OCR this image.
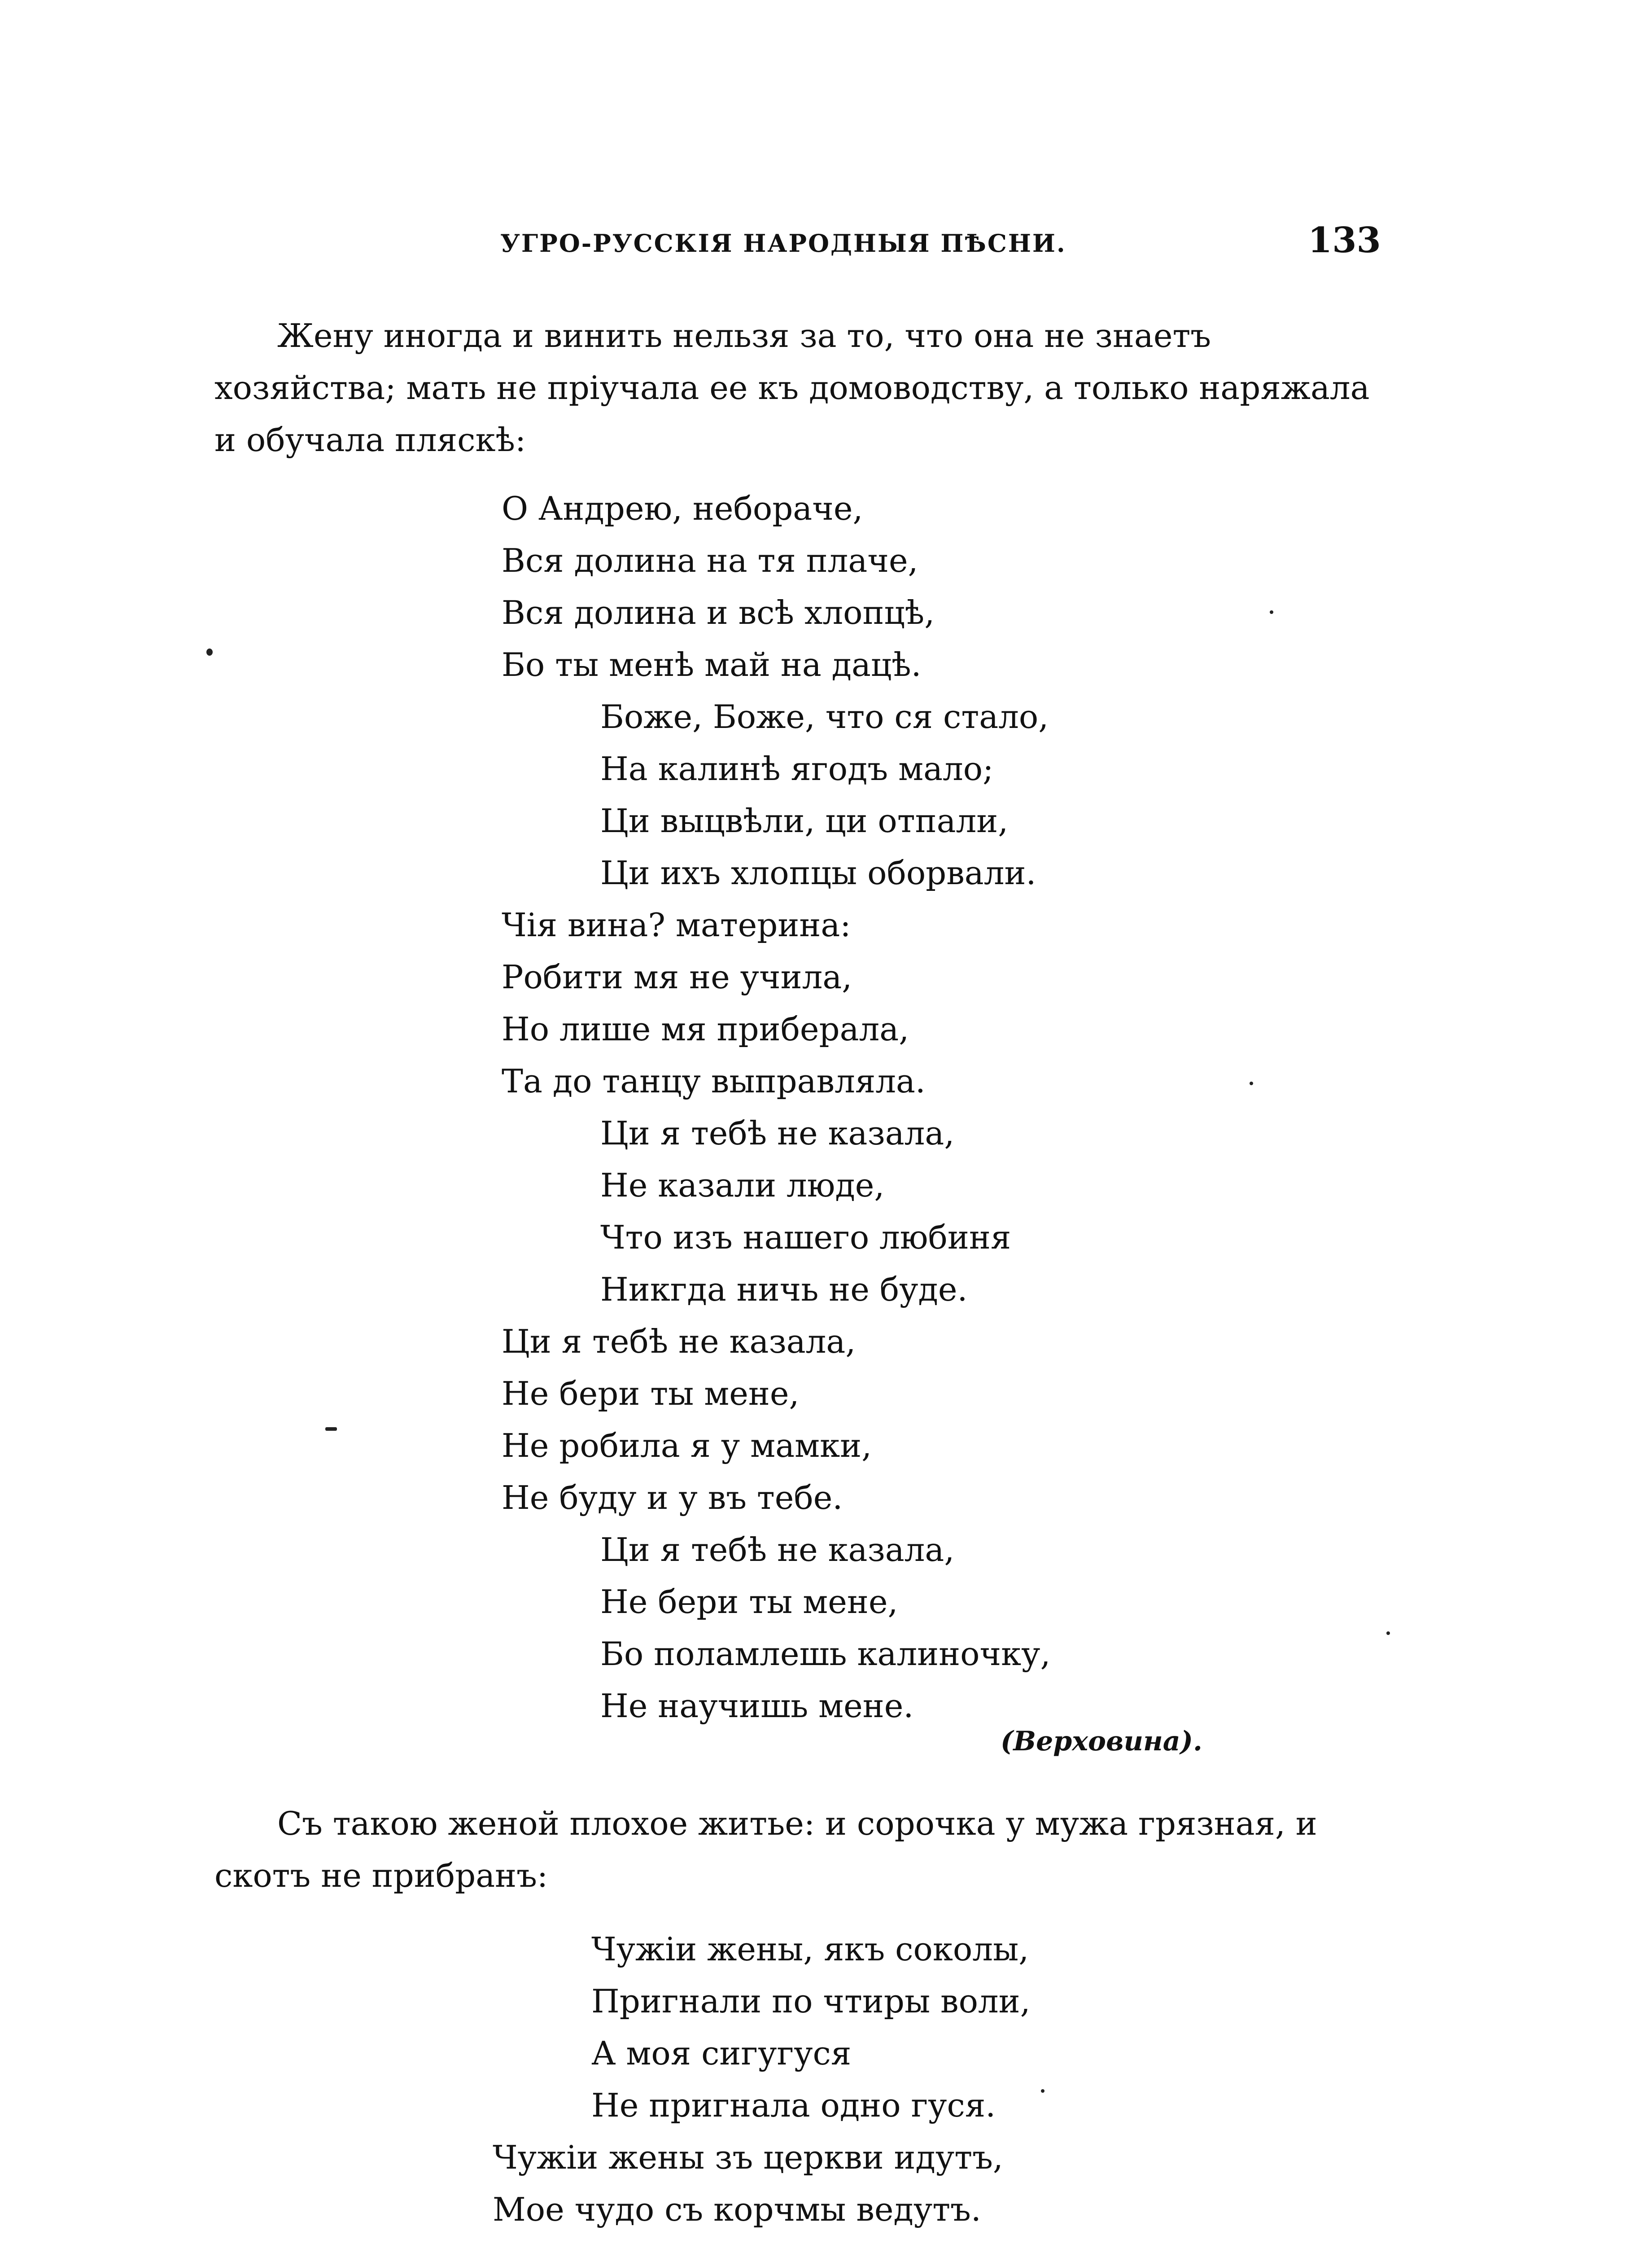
УГРО-РУССКІЯ НАРОДНЫЯ ПѢСНИ.	133

Жену иногда и винить нельзя за то, что она не знаетъ
хозяйства; мать не пріучала ее къ домоводству, а только наряжала
и обучала пляскѣ:

О Андрею, неборачe,
Вся долина на тя плаче,
Вся долина и всѣ хлопцѣ,
Бо ты менѣ май на дацѣ.
Боже, Боже, что ся стало,
На калинѣ ягодъ мало;
Ци выцвѣли, ци отпали,
Ци ихъ хлопцы оборвали.
Чія вина? материна:
Робити мя не учила,
Но лише мя прибeрала,
Та до танцу выправляла.
Ци я тебѣ не казала,
Не казали люде,
Что изъ нашего любиня
Никгда ничь не буде.
Ци я тебѣ не казала,
Не бери ты мене,
Не робила я у мамки,
Не буду и у въ тебе.
Ци я тебѣ не казала,
Не бери ты мене,
Бо поламлешь калиночку,
Не научишь мене.
(Верховина).

Съ такою женой плохое житье: и сорочка у мужа грязная, и
скотъ не прибранъ:

Чужіи жены, якъ соколы,
Пригнали по чтиры воли,
А моя сигугуся
Не пригнала одно гуся.
Чужіи жены зъ церкви идутъ,
Мое чудо съ корчмы ведутъ.
